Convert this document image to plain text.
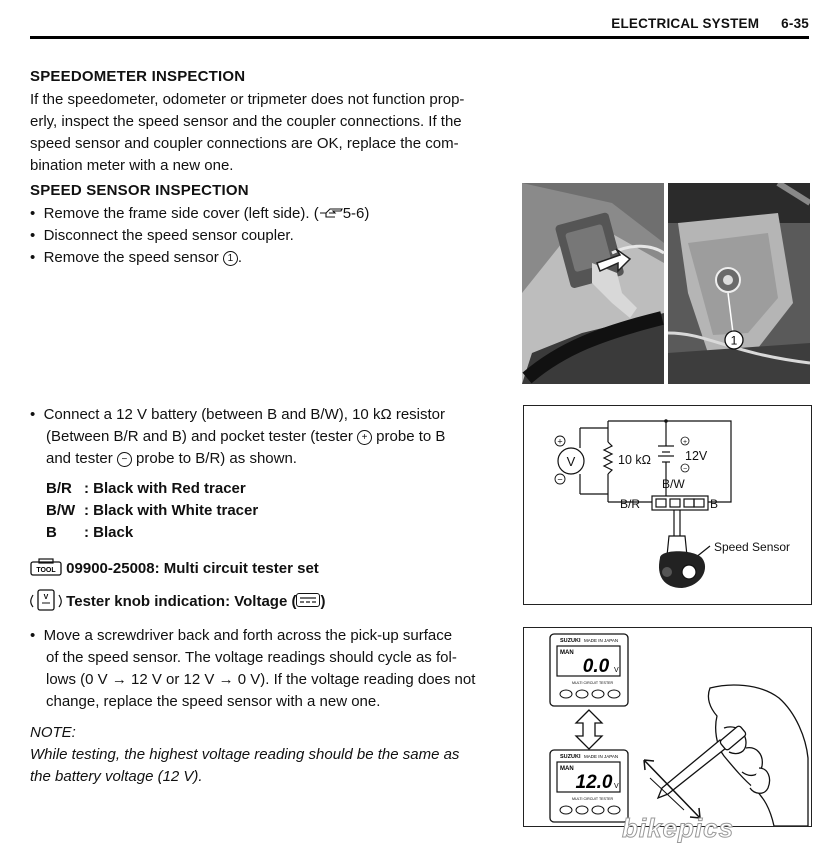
ELECTRICAL SYSTEM 6-35
SPEEDOMETER INSPECTION
If the speedometer, odometer or tripmeter does not function prop-
erly, inspect the speed sensor and the coupler connections. If the
speed sensor and coupler connections are OK, replace the com-
bination meter with a new one.
SPEED SENSOR INSPECTION
•  Remove the frame side cover (left side). ( 5-6)
•  Disconnect the speed sensor coupler.
•  Remove the speed sensor 1 .
1
•  Connect a 12 V battery (between B and B/W), 10 kΩ resistor
(Between B/R and B) and pocket tester (tester + probe to B
and tester − probe to B/R) as shown.
B/R : Black with Red tracer
B/W : Black with White tracer
B : Black
TOOL 09900-25008: Multi circuit tester set
V Tester knob indication: Voltage ( )
•  Move a screwdriver back and forth across the pick-up surface
of the speed sensor. The voltage readings should cycle as fol-
lows (0 V → 12 V or 12 V → 0 V). If the voltage reading does not
change, replace the speed sensor with a new one.
NOTE:
While testing, the highest voltage reading should be the same as
the battery voltage (12 V).
V
+
−
+
−
10 kΩ	12V
B/W
B/R	B
Speed Sensor
SUZUKI MADE IN JAPAN
MAN
0.0 V
MULTI CIRCUIT TESTER
SUZUKI MADE IN JAPAN
MAN
12.0 V
MULTI CIRCUIT TESTER
bikepics
